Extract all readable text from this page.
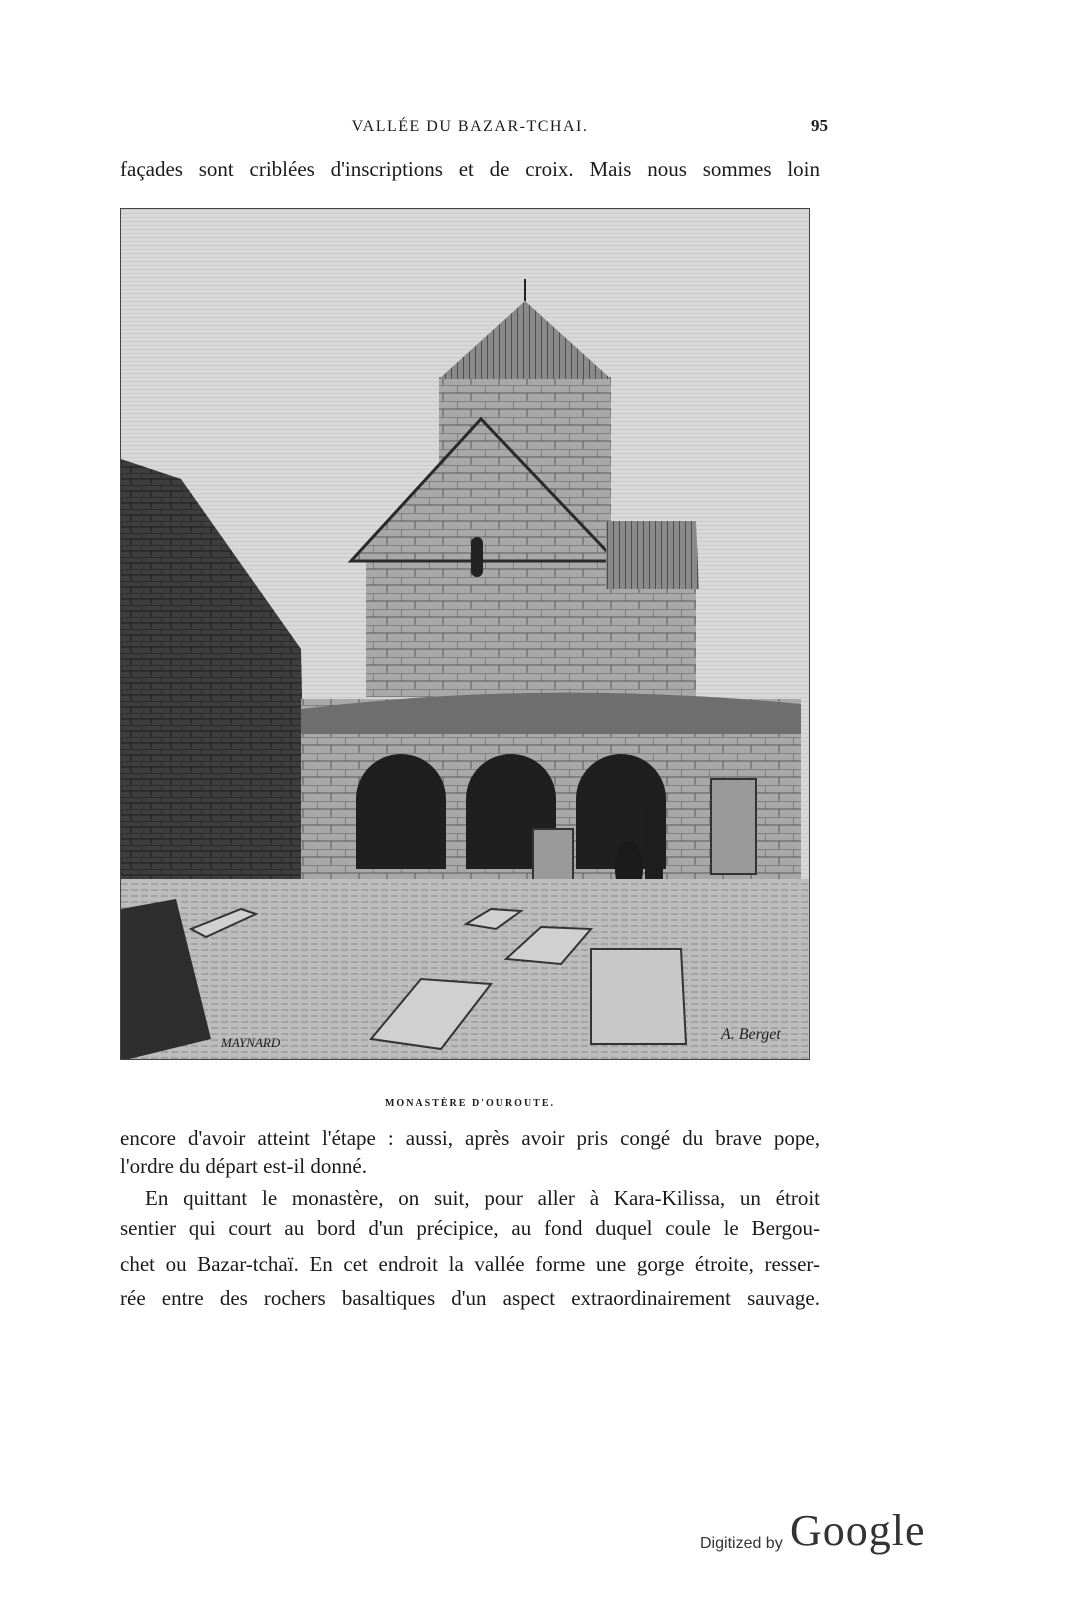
VALLÉE DU BAZAR-TCHAI.	95
façades sont criblées d'inscriptions et de croix. Mais nous sommes loin
MAYNARD	A. Berget
MONASTÈRE D'OUROUTE.
encore d'avoir atteint l'étape : aussi, après avoir pris congé du brave pope,
l'ordre du départ est-il donné.
En quittant le monastère, on suit, pour aller à Kara-Kilissa, un étroit
sentier qui court au bord d'un précipice, au fond duquel coule le Bergou-
chet ou Bazar-tchaï. En cet endroit la vallée forme une gorge étroite, resser-
rée entre des rochers basaltiques d'un aspect extraordinairement sauvage.
Digitized by Google
